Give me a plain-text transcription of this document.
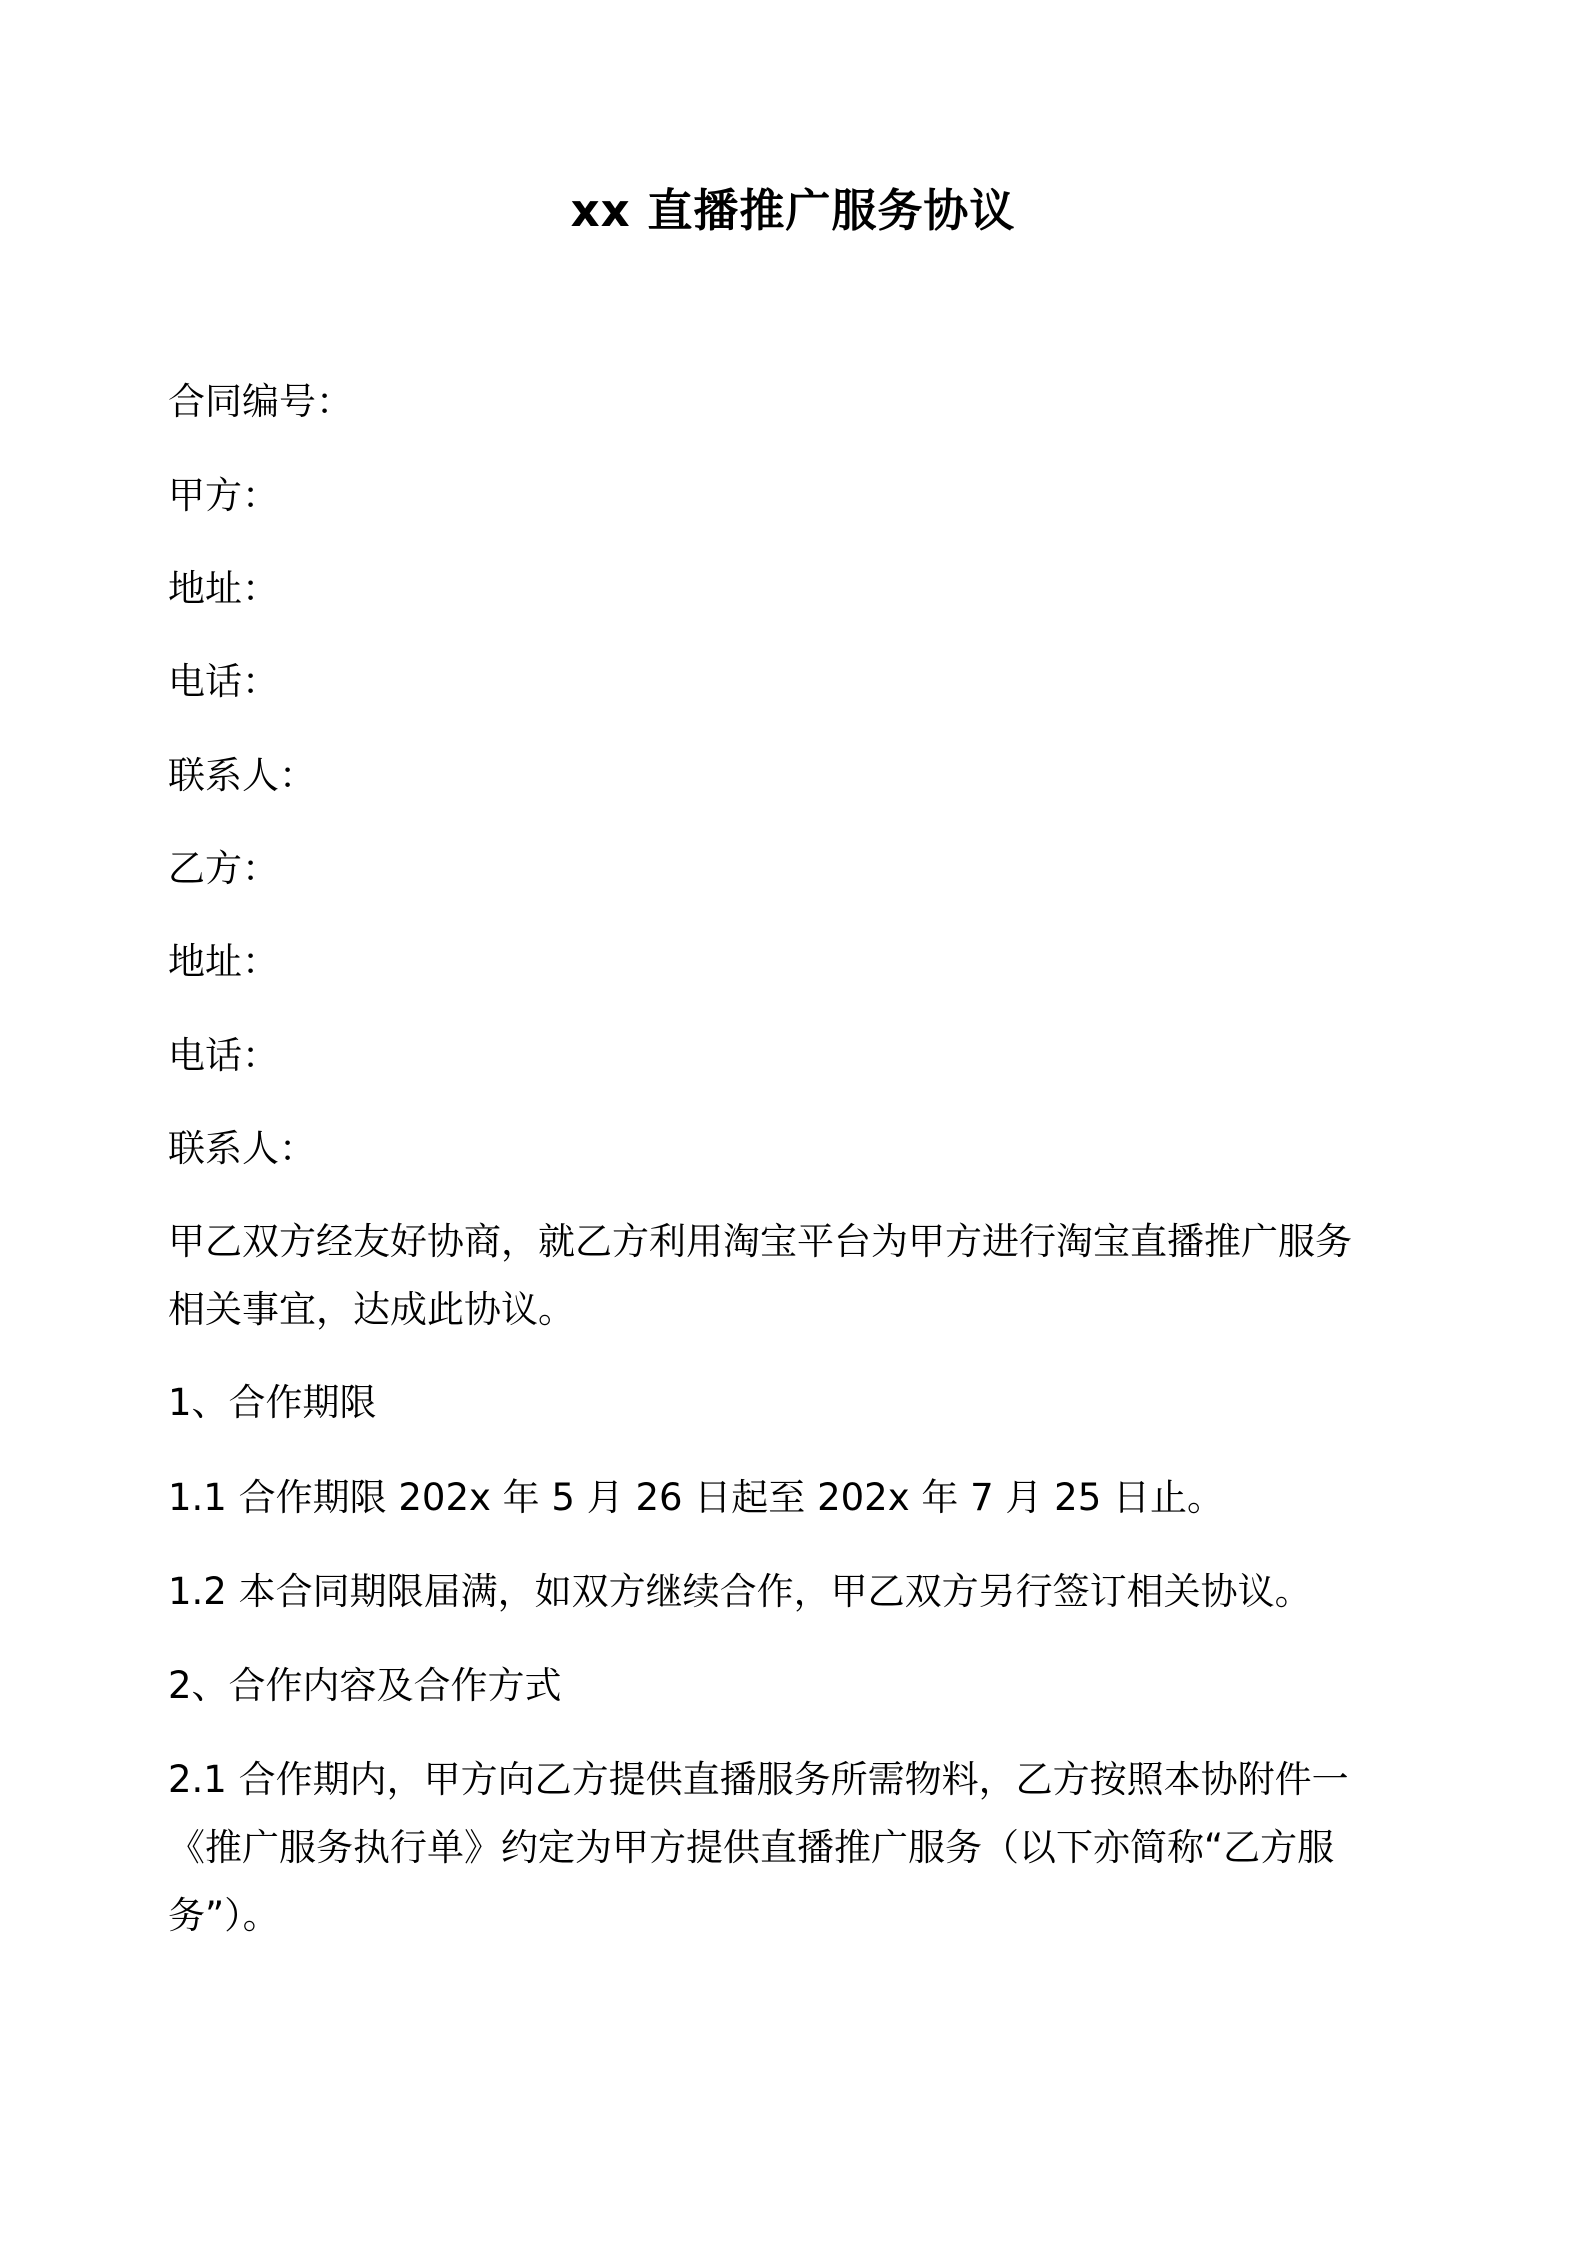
xx 直播推广服务协议
合同编号：
甲方：
地址：
电话：
联系人：
乙方：
地址：
电话：
联系人：
甲乙双方经友好协商，就乙方利用淘宝平台为甲方进行淘宝直播推广服务
相关事宜，达成此协议。
1、合作期限
1.1 合作期限 202x 年 5 月 26 日起至 202x 年 7 月 25 日止。
1.2 本合同期限届满，如双方继续合作，甲乙双方另行签订相关协议。
2、合作内容及合作方式
2.1 合作期内，甲方向乙方提供直播服务所需物料，乙方按照本协附件一
《推广服务执行单》约定为甲方提供直播推广服务（以下亦简称“乙方服
务”）。
